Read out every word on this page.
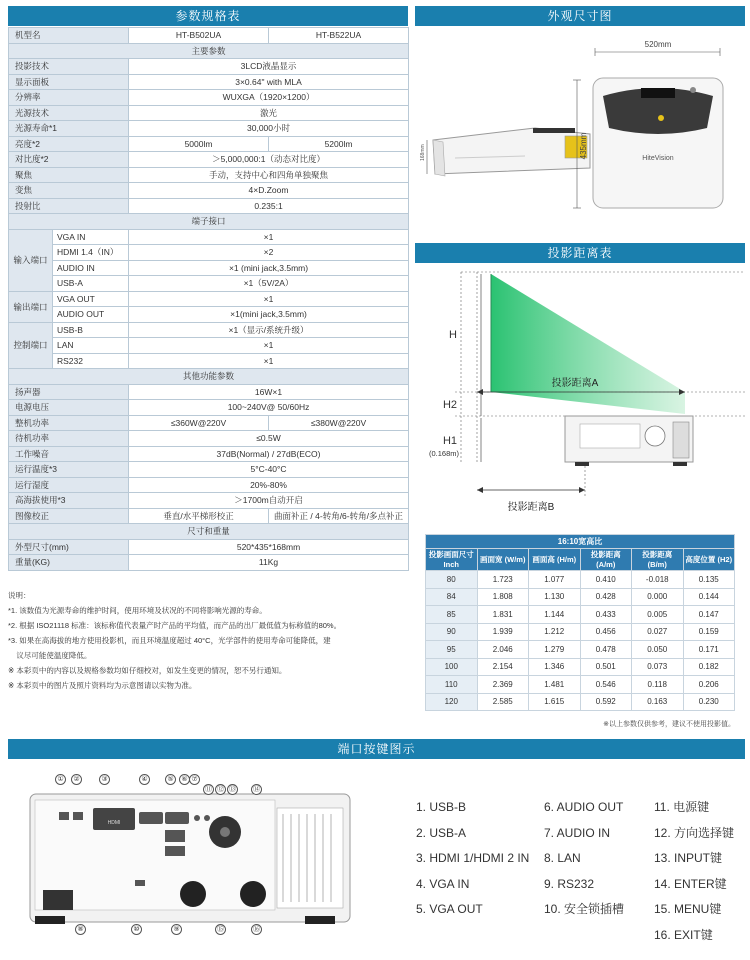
参数规格表
机型名		HT-B502UA	HT-B522UA
主要参数			
投影技术		3LCD液晶显示	
显示面板		3×0.64" with MLA	
分辨率		WUXGA（1920×1200）	
光源技术		激光	
光源寿命*1		30,000小时	
亮度*2		5000lm	5200lm
对比度*2		＞5,000,000:1（动态对比度）	
聚焦		手动，支持中心和四角单独聚焦	
变焦		4×D.Zoom	
投射比		0.235:1	
端子接口			
输入端口	VGA IN	×1	
	HDMI 1.4（IN）	×2	
	AUDIO IN	×1 (mini jack,3.5mm)	
	USB-A	×1（5V/2A）	
输出端口	VGA OUT	×1	
	AUDIO OUT	×1(mini jack,3.5mm)	
控制端口	USB-B	×1（显示/系统升级）	
	LAN	×1	
	RS232	×1	
其他功能参数			
扬声器		16W×1	
电源电压		100~240V@ 50/60Hz	
整机功率		≤360W@220V	≤380W@220V
待机功率		≤0.5W	
工作噪音		37dB(Normal) / 27dB(ECO)	
运行温度*3		5°C-40°C	
运行湿度		20%-80%	
高海拔使用*3		＞1700m自动开启	
图像校正		垂直/水平梯形校正	曲面补正 / 4-转角/6-转角/多点补正
尺寸和重量			
外型尺寸(mm)		520*435*168mm	
重量(KG)		11Kg	
说明：
*1. 该数值为光源寿命的维护时间，使用环境及状况的不同将影响光源的寿命。
*2. 根据 ISO21118 标准：该标称值代表量产时产品的平均值，而产品的出厂最低值为标称值的80%。
*3. 如果在高海拔的地方使用投影机，而且环境温度超过 40°C，光学部件的使用寿命可能降低，建
议尽可能使温度降低。
※ 本彩页中的内容以及规格参数均如仔细校对，如发生变更的情况，恕不另行通知。
※ 本彩页中的图片及照片资料均为示意图请以实物为准。
外观尺寸图
168mm
520mm
435mm	HiteVision
投影距离表
H
H2
H1
(0.168m)
投影距离A
投影距离B
16:10宽高比					
投影画面尺寸 Inch	画面宽 (W/m)	画面高 (H/m)	投影距离 (A/m)	投影距离 (B/m)	高度位置 (H2)
80	1.723	1.077	0.410	-0.018	0.135
84	1.808	1.130	0.428	0.000	0.144
85	1.831	1.144	0.433	0.005	0.147
90	1.939	1.212	0.456	0.027	0.159
95	2.046	1.279	0.478	0.050	0.171
100	2.154	1.346	0.501	0.073	0.182
110	2.369	1.481	0.546	0.118	0.206
120	2.585	1.615	0.592	0.163	0.230
※以上参数仅供参考，建议不使用投影值。
端口按键图示
HDMI
①	②	③	④	⑤	⑥ ⑦
⑪ ⑫ ⑬ ⑭
⑧	⑩	⑨	⑮	⑯
1. USB-B
2. USB-A
3. HDMI 1/HDMI 2 IN
4. VGA IN
5. VGA OUT
6. AUDIO OUT
7. AUDIO IN
8. LAN
9. RS232
10. 安全锁插槽
11. 电源键
12. 方向选择键
13. INPUT键
14. ENTER键
15. MENU键
16. EXIT键
